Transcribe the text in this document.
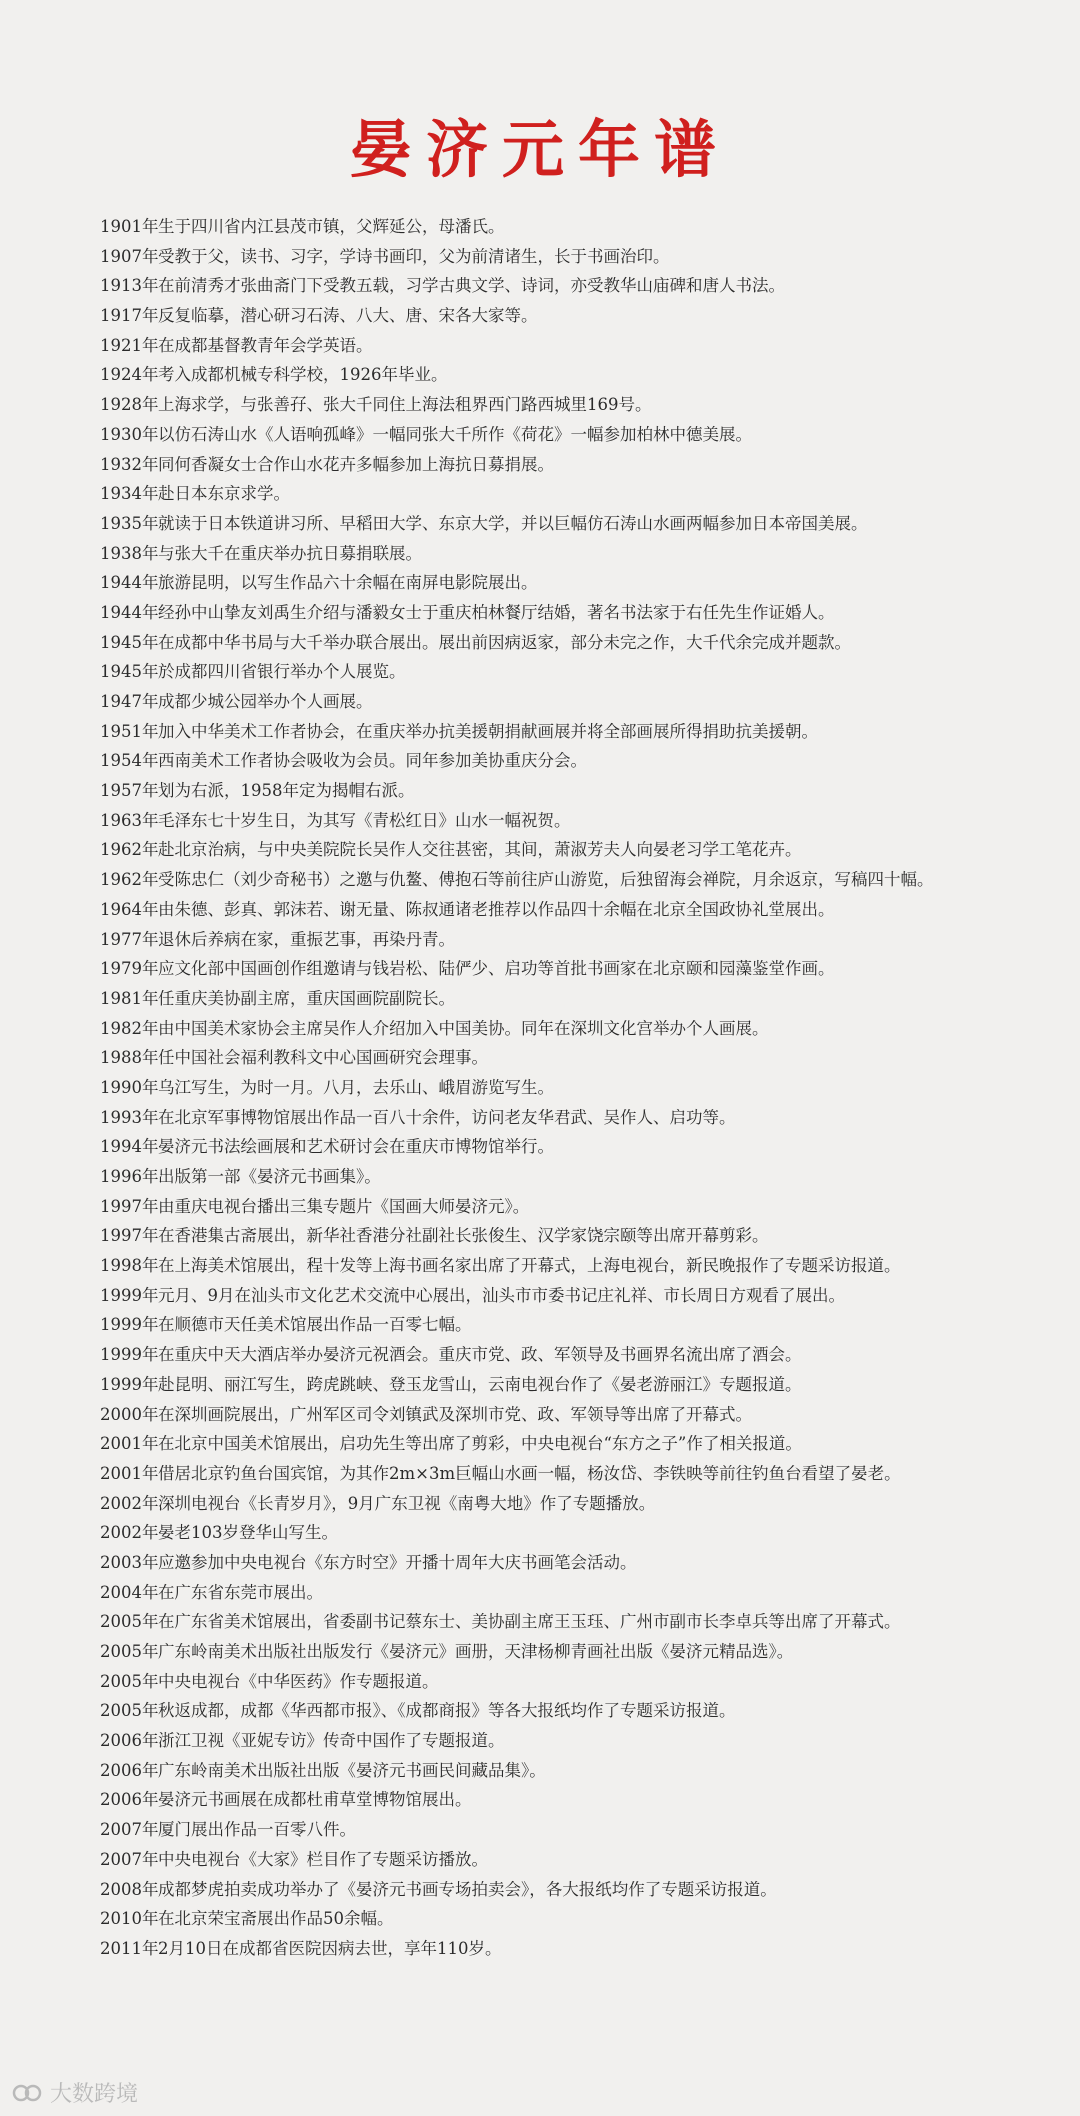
晏济元年谱
1901年 生于四川省内江县茂市镇，父辉延公，母潘氏。
1907年 受教于父，读书、习字，学诗书画印，父为前清诸生，长于书画治印。
1913年 在前清秀才张曲斋门下受教五载，习学古典文学、诗词，亦受教华山庙碑和唐人书法。
1917年 反复临摹，潜心研习石涛、八大、唐、宋各大家等。
1921年 在成都基督教青年会学英语。
1924年 考入成都机械专科学校，1926年毕业。
1928年 上海求学，与张善孖、张大千同住上海法租界西门路西城里169号。
1930年 以仿石涛山水《人语响孤峰》一幅同张大千所作《荷花》一幅参加柏林中德美展。
1932年 同何香凝女士合作山水花卉多幅参加上海抗日募捐展。
1934年 赴日本东京求学。
1935年 就读于日本铁道讲习所、早稻田大学、东京大学，并以巨幅仿石涛山水画两幅参加日本帝国美展。
1938年 与张大千在重庆举办抗日募捐联展。
1944年 旅游昆明，以写生作品六十余幅在南屏电影院展出。
1944年 经孙中山挚友刘禹生介绍与潘毅女士于重庆柏林餐厅结婚，著名书法家于右任先生作证婚人。
1945年 在成都中华书局与大千举办联合展出。展出前因病返家，部分未完之作，大千代余完成并题款。
1945年 於成都四川省银行举办个人展览。
1947年 成都少城公园举办个人画展。
1951年 加入中华美术工作者协会，在重庆举办抗美援朝捐献画展并将全部画展所得捐助抗美援朝。
1954年 西南美术工作者协会吸收为会员。同年参加美协重庆分会。
1957年 划为右派，1958年定为揭帽右派。
1963年 毛泽东七十岁生日，为其写《青松红日》山水一幅祝贺。
1962年 赴北京治病，与中央美院院长吴作人交往甚密，其间，萧淑芳夫人向晏老习学工笔花卉。
1962年 受陈忠仁（刘少奇秘书）之邀与仇鳌、傅抱石等前往庐山游览，后独留海会禅院，月余返京，写稿四十幅。
1964年 由朱德、彭真、郭沫若、谢无量、陈叔通诸老推荐以作品四十余幅在北京全国政协礼堂展出。
1977年 退休后养病在家，重振艺事，再染丹青。
1979年 应文化部中国画创作组邀请与钱岩松、陆俨少、启功等首批书画家在北京颐和园藻鉴堂作画。
1981年 任重庆美协副主席，重庆国画院副院长。
1982年 由中国美术家协会主席吴作人介绍加入中国美协。同年在深圳文化宫举办个人画展。
1988年 任中国社会福利教科文中心国画研究会理事。
1990年 乌江写生，为时一月。八月，去乐山、峨眉游览写生。
1993年 在北京军事博物馆展出作品一百八十余件，访问老友华君武、吴作人、启功等。
1994年 晏济元书法绘画展和艺术研讨会在重庆市博物馆举行。
1996年 出版第一部《晏济元书画集》。
1997年 由重庆电视台播出三集专题片《国画大师晏济元》。
1997年 在香港集古斋展出，新华社香港分社副社长张俊生、汉学家饶宗颐等出席开幕剪彩。
1998年 在上海美术馆展出，程十发等上海书画名家出席了开幕式，上海电视台，新民晚报作了专题采访报道。
1999年 元月、9月在汕头市文化艺术交流中心展出，汕头市市委书记庄礼祥、市长周日方观看了展出。
1999年 在顺德市天任美术馆展出作品一百零七幅。
1999年 在重庆中天大酒店举办晏济元祝酒会。重庆市党、政、军领导及书画界名流出席了酒会。
1999年 赴昆明、丽江写生，跨虎跳峡、登玉龙雪山，云南电视台作了《晏老游丽江》专题报道。
2000年 在深圳画院展出，广州军区司令刘镇武及深圳市党、政、军领导等出席了开幕式。
2001年 在北京中国美术馆展出，启功先生等出席了剪彩，中央电视台“东方之子”作了相关报道。
2001年 借居北京钓鱼台国宾馆，为其作2m×3m巨幅山水画一幅，杨汝岱、李铁映等前往钓鱼台看望了晏老。
2002年 深圳电视台《长青岁月》，9月广东卫视《南粤大地》作了专题播放。
2002年 晏老103岁登华山写生。
2003年 应邀参加中央电视台《东方时空》开播十周年大庆书画笔会活动。
2004年 在广东省东莞市展出。
2005年 在广东省美术馆展出，省委副书记蔡东士、美协副主席王玉珏、广州市副市长李卓兵等出席了开幕式。
2005年 广东岭南美术出版社出版发行《晏济元》画册，天津杨柳青画社出版《晏济元精品选》。
2005年 中央电视台《中华医药》作专题报道。
2005年 秋返成都，成都《华西都市报》、《成都商报》等各大报纸均作了专题采访报道。
2006年 浙江卫视《亚妮专访》传奇中国作了专题报道。
2006年 广东岭南美术出版社出版《晏济元书画民间藏品集》。
2006年 晏济元书画展在成都杜甫草堂博物馆展出。
2007年 厦门展出作品一百零八件。
2007年 中央电视台《大家》栏目作了专题采访播放。
2008年 成都梦虎拍卖成功举办了《晏济元书画专场拍卖会》，各大报纸均作了专题采访报道。
2010年 在北京荣宝斋展出作品50余幅。
2011年 2月10日在成都省医院因病去世，享年110岁。
大数跨境
